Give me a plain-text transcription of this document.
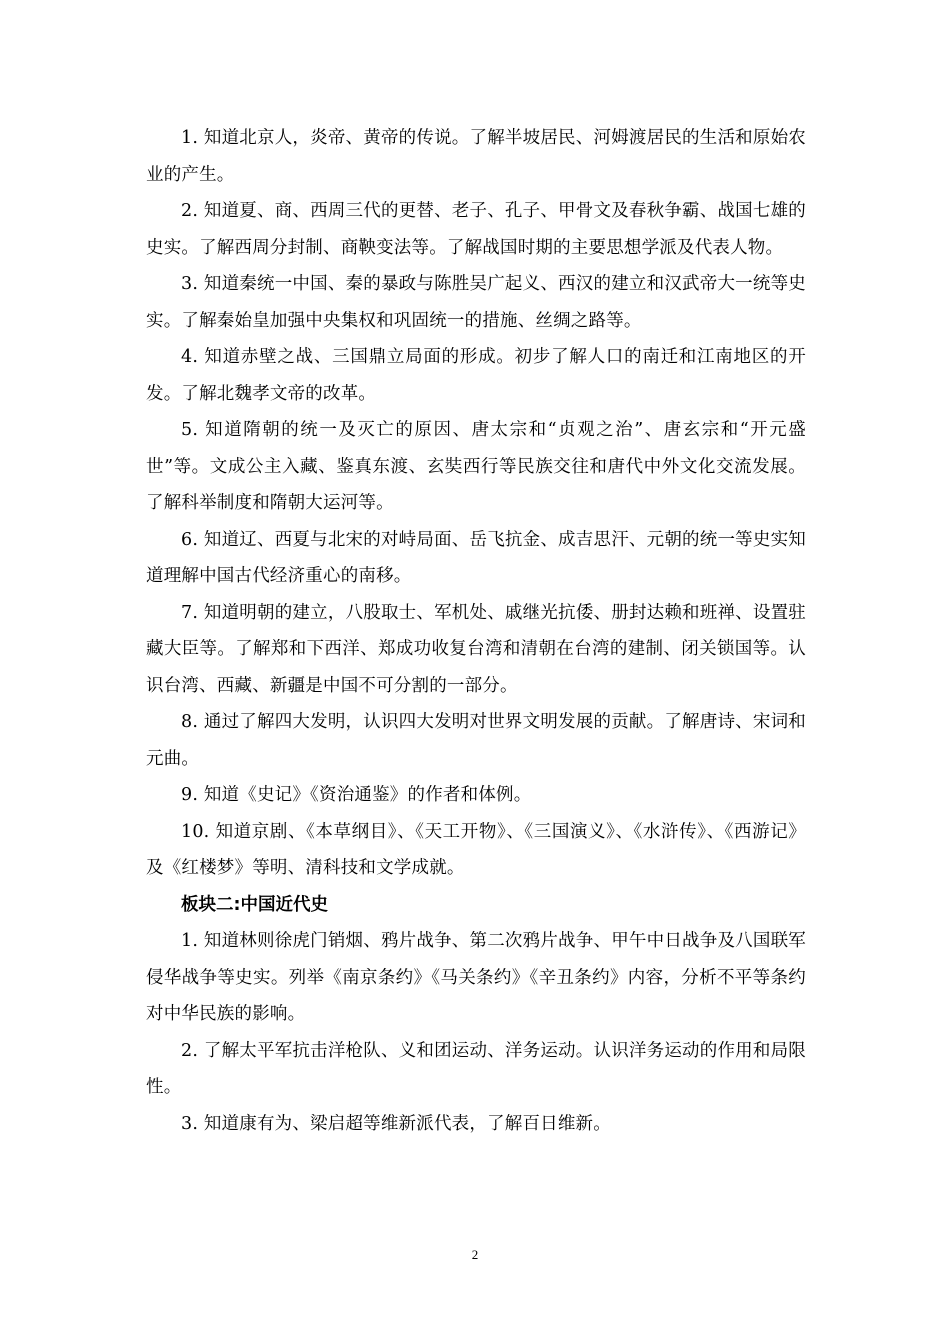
1. 知道北京人，炎帝、黄帝的传说。了解半坡居民、河姆渡居民的生活和原始农业的产生。

2. 知道夏、商、西周三代的更替、老子、孔子、甲骨文及春秋争霸、战国七雄的史实。了解西周分封制、商鞅变法等。了解战国时期的主要思想学派及代表人物。

3. 知道秦统一中国、秦的暴政与陈胜吴广起义、西汉的建立和汉武帝大一统等史实。了解秦始皇加强中央集权和巩固统一的措施、丝绸之路等。

4. 知道赤壁之战、三国鼎立局面的形成。初步了解人口的南迁和江南地区的开发。了解北魏孝文帝的改革。

5. 知道隋朝的统一及灭亡的原因、唐太宗和“贞观之治”、唐玄宗和“开元盛世”等。文成公主入藏、鉴真东渡、玄奘西行等民族交往和唐代中外文化交流发展。了解科举制度和隋朝大运河等。

6. 知道辽、西夏与北宋的对峙局面、岳飞抗金、成吉思汗、元朝的统一等史实知道理解中国古代经济重心的南移。

7. 知道明朝的建立，八股取士、军机处、戚继光抗倭、册封达赖和班禅、设置驻藏大臣等。了解郑和下西洋、郑成功收复台湾和清朝在台湾的建制、闭关锁国等。认识台湾、西藏、新疆是中国不可分割的一部分。

8. 通过了解四大发明，认识四大发明对世界文明发展的贡献。了解唐诗、宋词和元曲。

9. 知道《史记》《资治通鉴》的作者和体例。

10. 知道京剧、《本草纲目》、《天工开物》、《三国演义》、《水浒传》、《西游记》及《红楼梦》等明、清科技和文学成就。

板块二:中国近代史

1. 知道林则徐虎门销烟、鸦片战争、第二次鸦片战争、甲午中日战争及八国联军侵华战争等史实。列举《南京条约》《马关条约》《辛丑条约》内容，分析不平等条约对中华民族的影响。

2. 了解太平军抗击洋枪队、义和团运动、洋务运动。认识洋务运动的作用和局限性。

3. 知道康有为、梁启超等维新派代表，了解百日维新。

2
